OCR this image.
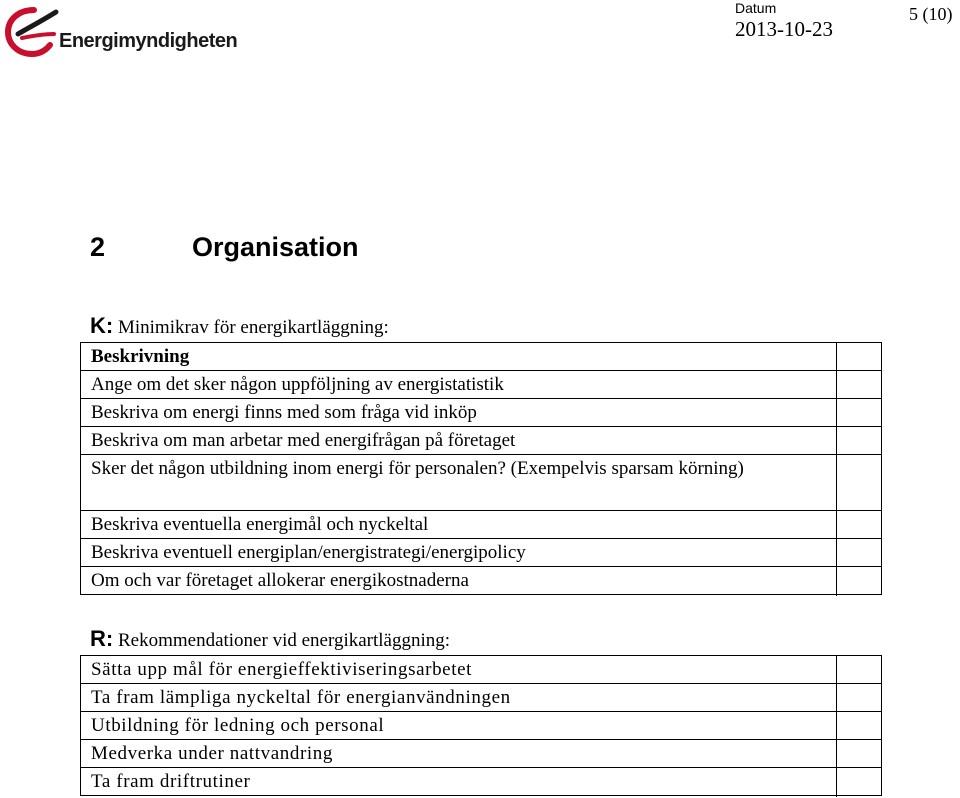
Energimyndigheten
Datum
2013-10-23
5 (10)
2	Organisation
K: Minimikrav för energikartläggning:
Beskrivning
Ange om det sker någon uppföljning av energistatistik
Beskriva om energi finns med som fråga vid inköp
Beskriva om man arbetar med energifrågan på företaget
Sker det någon utbildning inom energi för personalen? (Exempelvis sparsam körning)
Beskriva eventuella energimål och nyckeltal
Beskriva eventuell energiplan/energistrategi/energipolicy
Om och var företaget allokerar energikostnaderna
R: Rekommendationer vid energikartläggning:
Sätta upp mål för energieffektiviseringsarbetet
Ta fram lämpliga nyckeltal för energianvändningen
Utbildning för ledning och personal
Medverka under nattvandring
Ta fram driftrutiner
